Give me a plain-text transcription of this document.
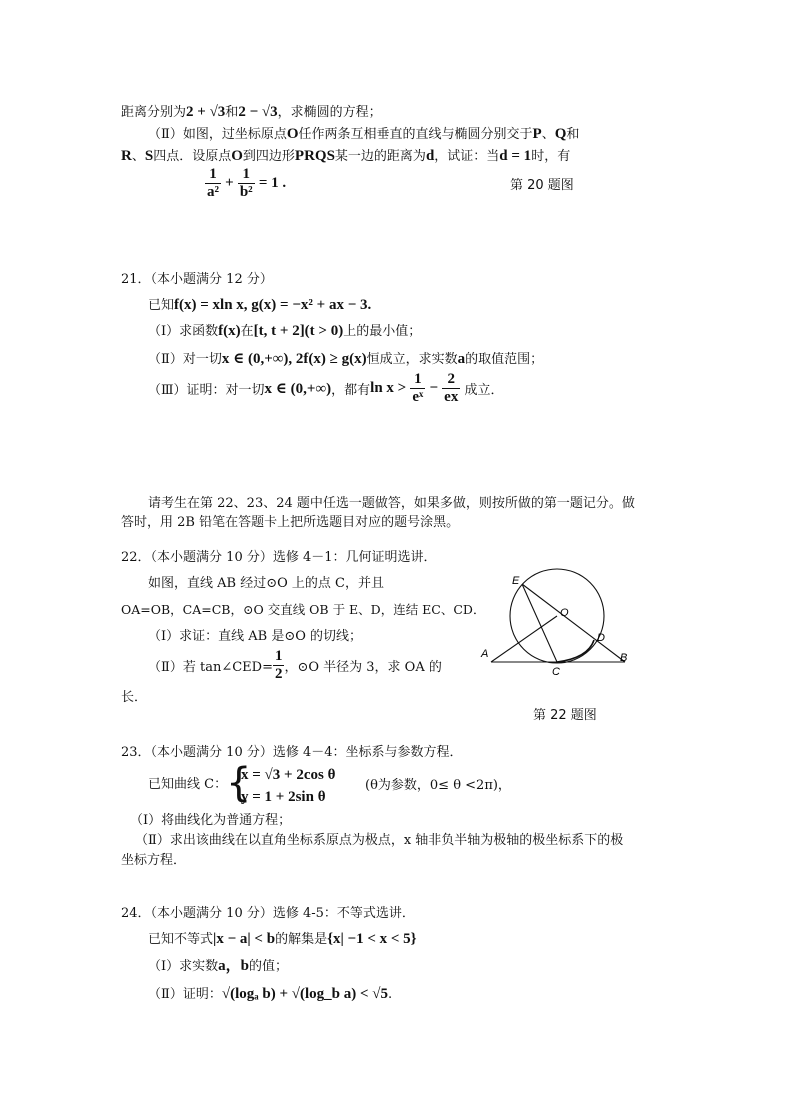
距离分别为2 + √3和2 − √3，求椭圆的方程；
（Ⅱ）如图，过坐标原点O任作两条互相垂直的直线与椭圆分别交于P、Q和
R、S四点．设原点O到四边形PRQS某一边的距离为d，试证：当d = 1时，有
$\frac{1}{\text{a²}} + \frac{1}{\text{b²}} = 1$ .	第 20 题图
21．（本小题满分 12 分）
已知f(x) = xln x, g(x) = −x² + ax − 3.
（Ⅰ）求函数f(x)在[t, t + 2](t > 0)上的最小值；
（Ⅱ）对一切x ∈ (0,+∞), 2f(x) ≥ g(x)恒成立，求实数a的取值范围；
（Ⅲ）证明：对一切x ∈ (0,+∞)，都有$\ln x > \frac{1}{\text{eˣ}} - \frac{2}{ex}$ 成立．
请考生在第 22、23、24 题中任选一题做答，如果多做，则按所做的第一题记分。做
答时，用 2B 铅笔在答题卡上把所选题目对应的题号涂黑。
22．（本小题满分 10 分）选修 4－1：几何证明选讲．
如图，直线 AB 经过⊙O 上的点 C，并且
OA=OB，CA=CB，⊙O 交直线 OB 于 E、D，连结 EC、CD．
（Ⅰ）求证：直线 AB 是⊙O 的切线；
（Ⅱ）若 tan∠CED= $\frac{1}{2}$ ，⊙O 半径为 3，求 OA 的
长．
E
O
D
A
C
B
第 22 题图
23．（本小题满分 10 分）选修 4－4：坐标系与参数方程．
已知曲线 C：
{
x = √3 + 2cos θ
y = 1 + 2sin θ
(θ为参数，0≤ θ <2π)，
（Ⅰ）将曲线化为普通方程；
（Ⅱ）求出该曲线在以直角坐标系原点为极点，x 轴非负半轴为极轴的极坐标系下的极
坐标方程．
24．（本小题满分 10 分）选修 4-5：不等式选讲．
已知不等式|x − a| < b的解集是{x| −1 < x < 5}
（Ⅰ）求实数a，b的值；
（Ⅱ）证明：√(logₐ b) + √(log_b a) < √5.
